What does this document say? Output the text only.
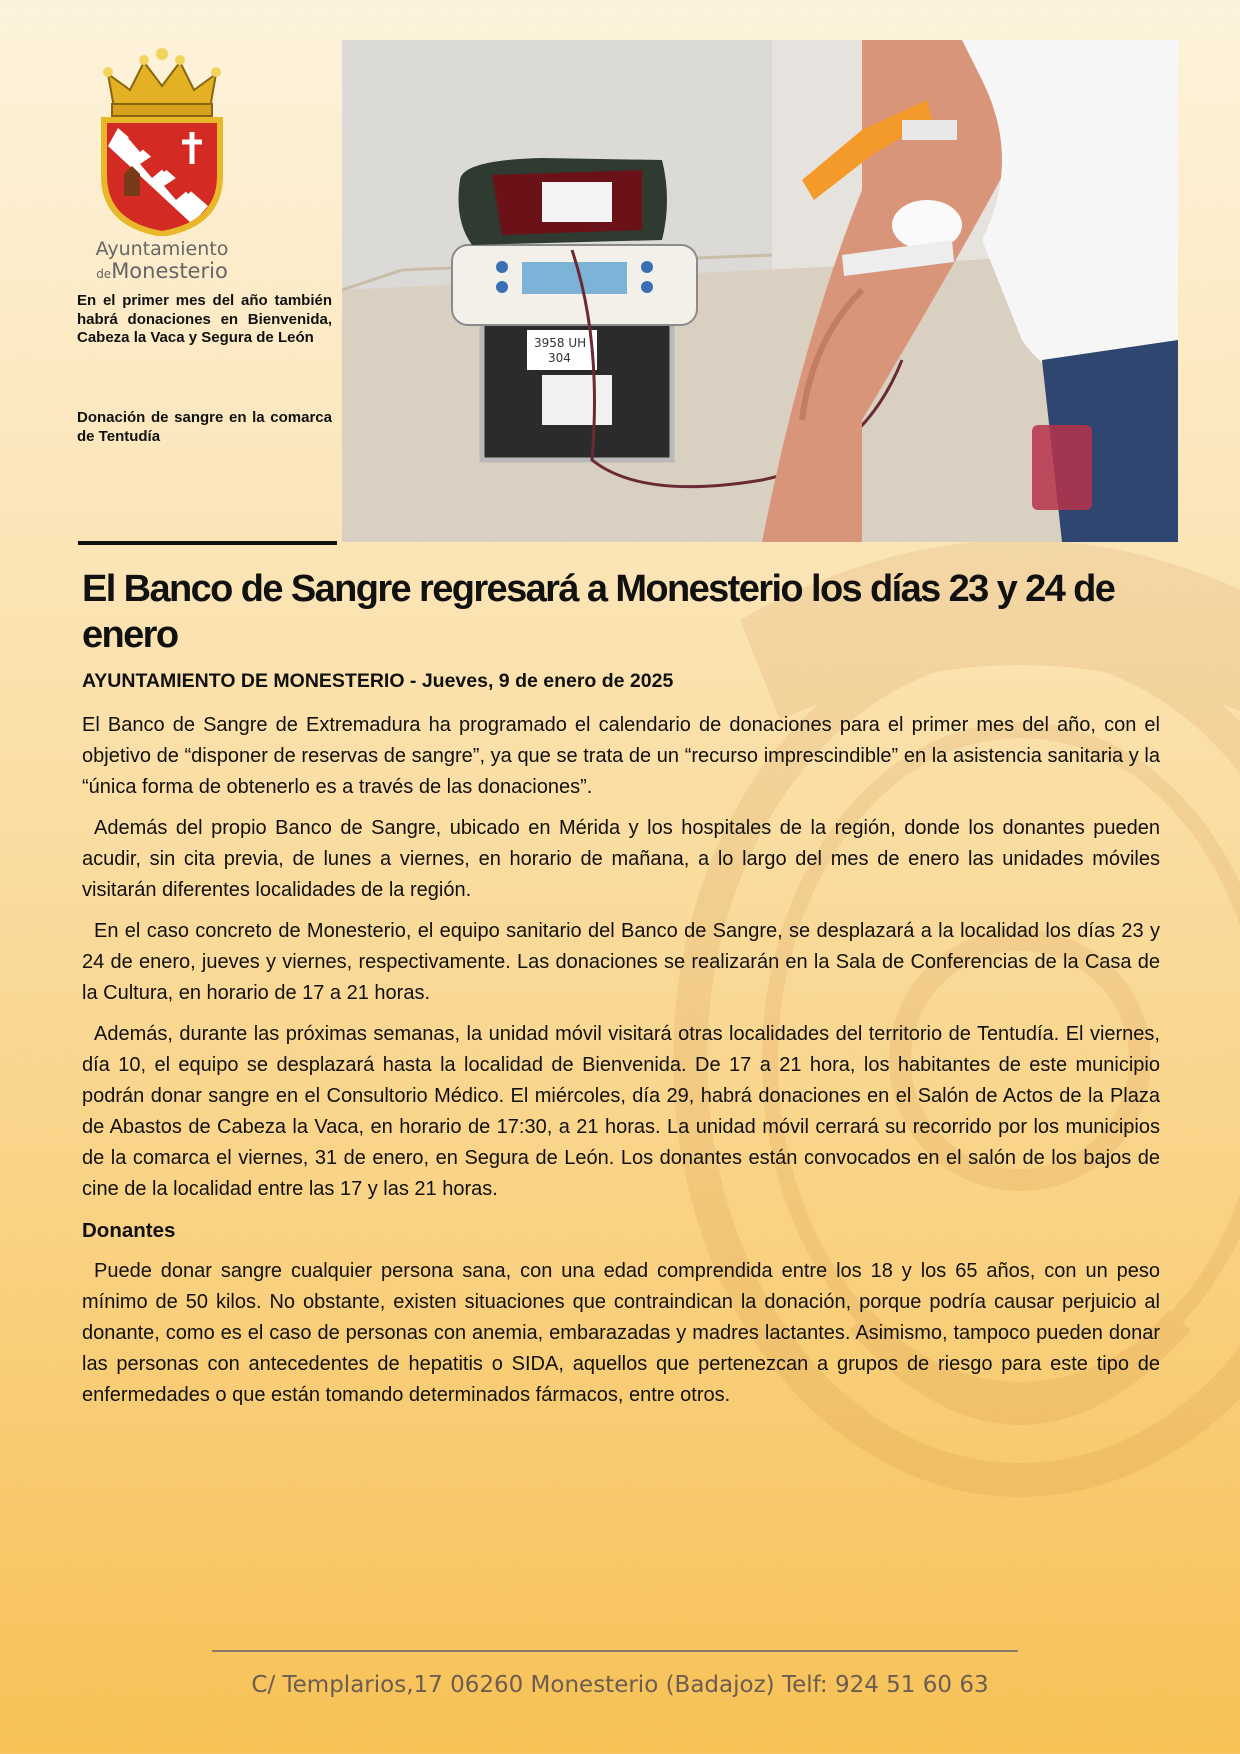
Ayuntamiento
deMonesterio
En el primer mes del año también habrá donaciones en Bienvenida, Cabeza la Vaca y Segura de León
Donación de sangre en la comarca de Tentudía
3958 UH
304
El Banco de Sangre regresará a Monesterio los días 23 y 24 de enero

AYUNTAMIENTO DE MONESTERIO - Jueves, 9 de enero de 2025

El Banco de Sangre de Extremadura ha programado el calendario de donaciones para el primer mes del año, con el objetivo de “disponer de reservas de sangre”, ya que se trata de un “recurso imprescindible” en la asistencia sanitaria y la “única forma de obtenerlo es a través de las donaciones”.

Además del propio Banco de Sangre, ubicado en Mérida y los hospitales de la región, donde los donantes pueden acudir, sin cita previa, de lunes a viernes, en horario de mañana, a lo largo del mes de enero las unidades móviles visitarán diferentes localidades de la región.

En el caso concreto de Monesterio, el equipo sanitario del Banco de Sangre, se desplazará a la localidad los días 23 y 24 de enero, jueves y viernes, respectivamente. Las donaciones se realizarán en la Sala de Conferencias de la Casa de la Cultura, en horario de 17 a 21 horas.

Además, durante las próximas semanas, la unidad móvil visitará otras localidades del territorio de Tentudía. El viernes, día 10, el equipo se desplazará hasta la localidad de Bienvenida. De 17 a 21 hora, los habitantes de este municipio podrán donar sangre en el Consultorio Médico. El miércoles, día 29, habrá donaciones en el Salón de Actos de la Plaza de Abastos de Cabeza la Vaca, en horario de 17:30, a 21 horas. La unidad móvil cerrará su recorrido por los municipios de la comarca el viernes, 31 de enero, en Segura de León. Los donantes están convocados en el salón de los bajos de cine de la localidad entre las 17 y las 21 horas.

Donantes

Puede donar sangre cualquier persona sana, con una edad comprendida entre los 18 y los 65 años, con un peso mínimo de 50 kilos. No obstante, existen situaciones que contraindican la donación, porque podría causar perjuicio al donante, como es el caso de personas con anemia, embarazadas y madres lactantes. Asimismo, tampoco pueden donar las personas con antecedentes de hepatitis o SIDA, aquellos que pertenezcan a grupos de riesgo para este tipo de enfermedades o que están tomando determinados fármacos, entre otros.

C/ Templarios,17 06260 Monesterio (Badajoz) Telf: 924 51 60 63
